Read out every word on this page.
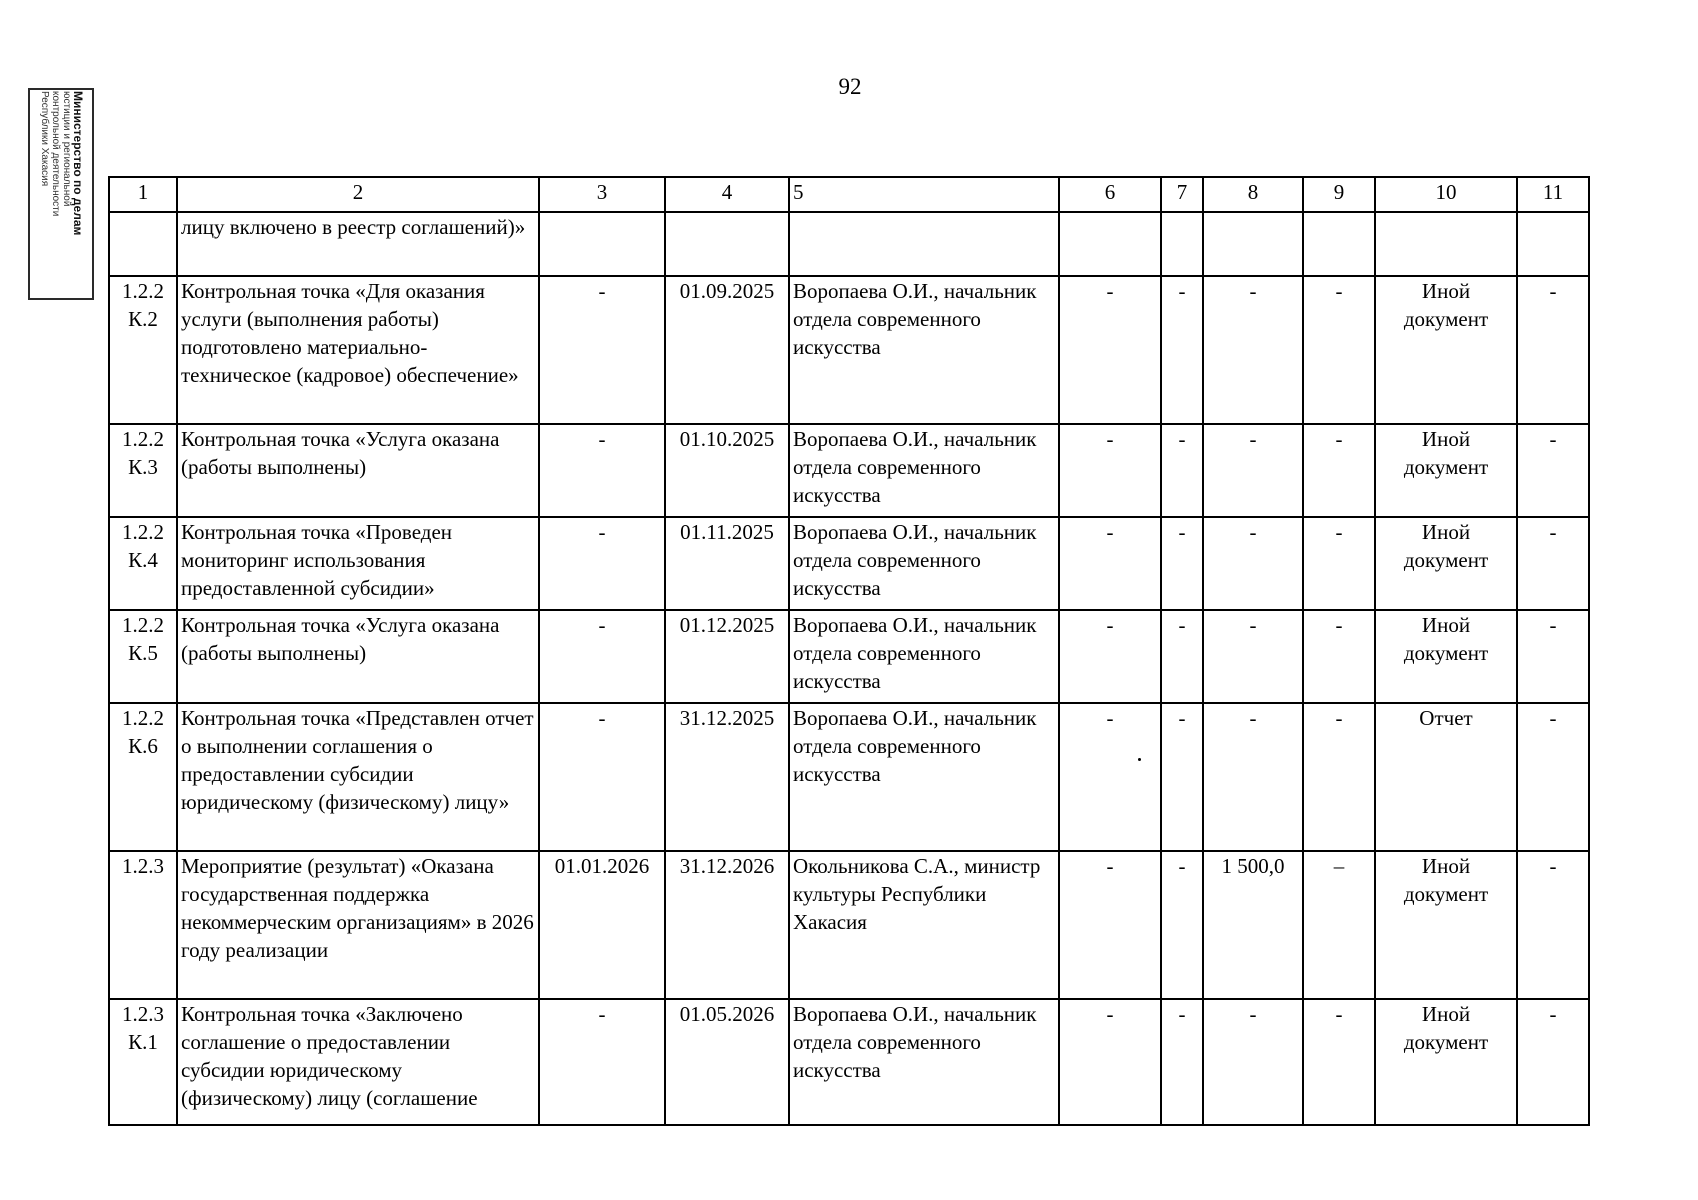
92
Министерство по делам
юстиции и региональной
контрольной деятельности
Республики Хакасия
1	2	3	4	5	6	7	8	9	10	11
	лицу включено в реестр соглашений)»									
1.2.2 К.2	Контрольная точка «Для оказания услуги (выполнения работы) подготовлено материально-техническое (кадровое) обеспечение»	-	01.09.2025	Воропаева О.И., начальник отдела современного искусства	-	-	-	-	Иной документ	-
1.2.2 К.3	Контрольная точка «Услуга оказана (работы выполнены)	-	01.10.2025	Воропаева О.И., начальник отдела современного искусства	-	-	-	-	Иной документ	-
1.2.2 К.4	Контрольная точка «Проведен мониторинг использования предоставленной субсидии»	-	01.11.2025	Воропаева О.И., начальник отдела современного искусства	-	-	-	-	Иной документ	-
1.2.2 К.5	Контрольная точка «Услуга оказана (работы выполнены)	-	01.12.2025	Воропаева О.И., начальник отдела современного искусства	-	-	-	-	Иной документ	-
1.2.2 К.6	Контрольная точка «Представлен отчет о выполнении соглашения о предоставлении субсидии юридическому (физическому) лицу»	-	31.12.2025	Воропаева О.И., начальник отдела современного искусства	-	-	-	-	Отчет	-
1.2.3	Мероприятие (результат) «Оказана государственная поддержка некоммерческим организациям» в 2026 году реализации	01.01.2026	31.12.2026	Окольникова С.А., министр культуры Республики Хакасия	-	-	1 500,0	–	Иной документ	-
1.2.3 К.1	Контрольная точка «Заключено соглашение о предоставлении субсидии юридическому (физическому) лицу (соглашение	-	01.05.2026	Воропаева О.И., начальник отдела современного искусства	-	-	-	-	Иной документ	-
